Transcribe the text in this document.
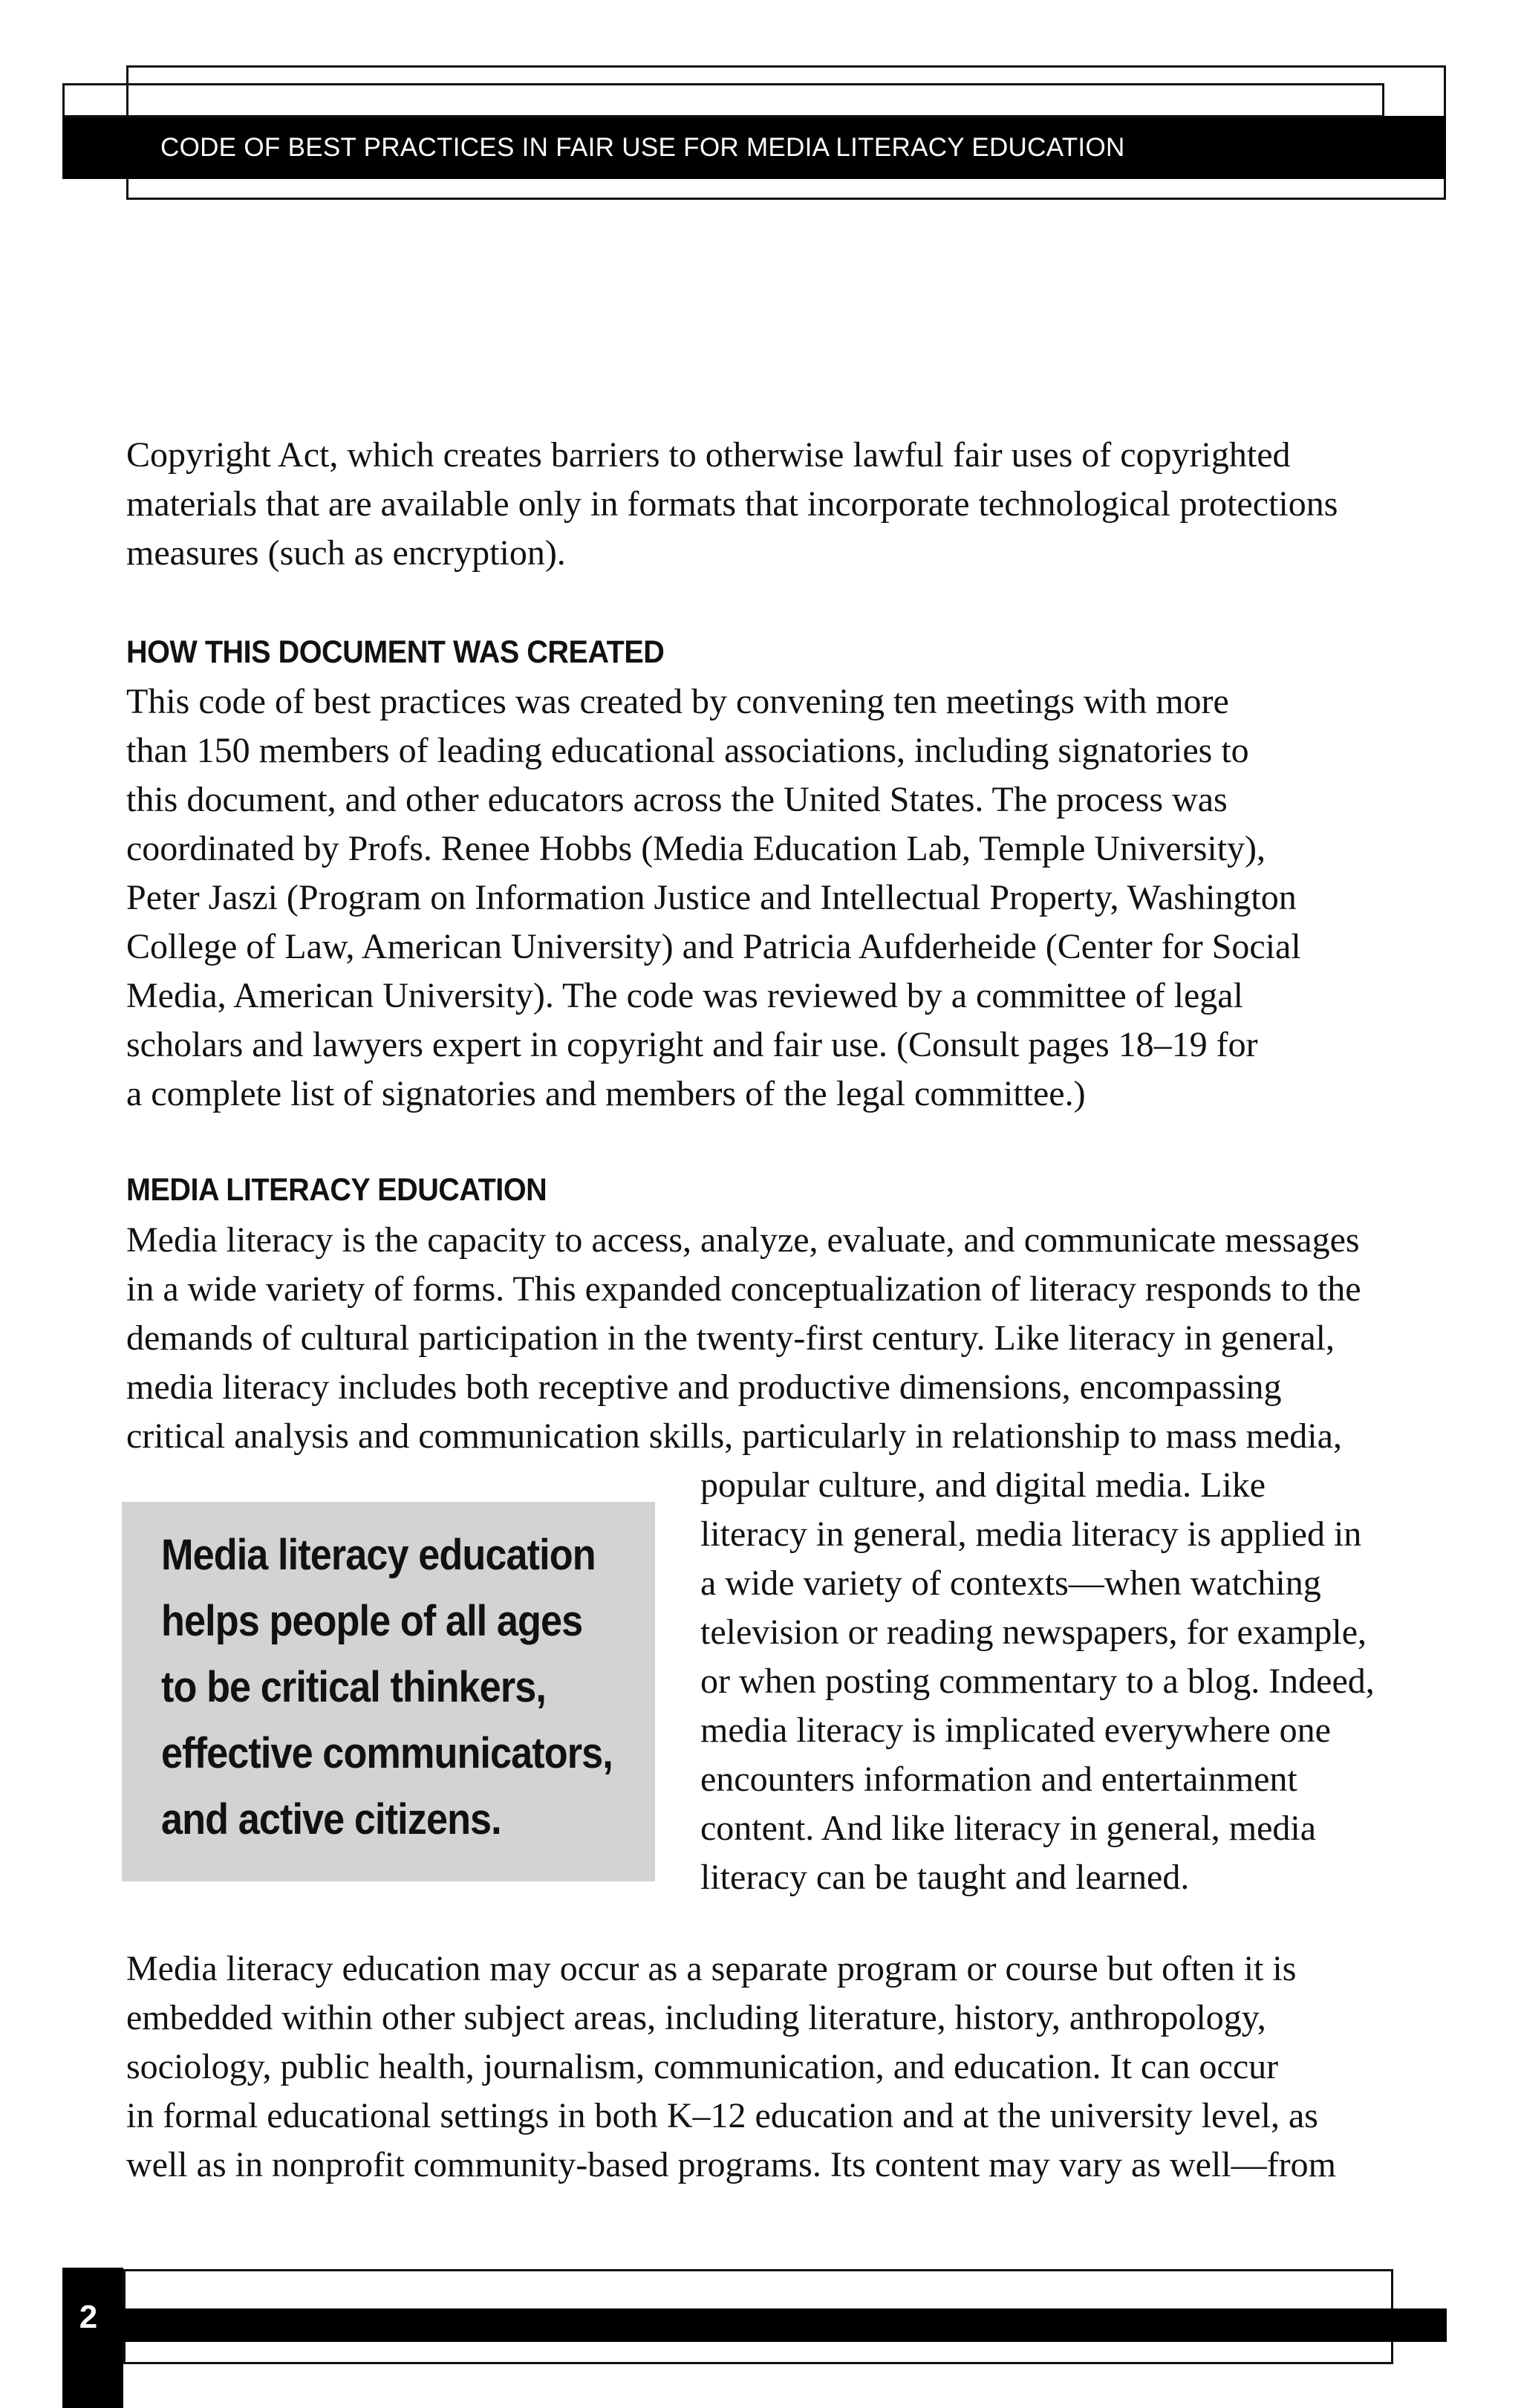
CODE OF BEST PRACTICES IN FAIR USE FOR MEDIA LITERACY EDUCATION
Copyright Act, which creates barriers to otherwise lawful fair uses of copyrighted
materials that are available only in formats that incorporate technological protections
measures (such as encryption).
HOW THIS DOCUMENT WAS CREATED
This code of best practices was created by convening ten meetings with more
than 150 members of leading educational associations, including signatories to
this document, and other educators across the United States. The process was
coordinated by Profs. Renee Hobbs (Media Education Lab, Temple University),
Peter Jaszi (Program on Information Justice and Intellectual Property, Washington
College of Law, American University) and Patricia Aufderheide (Center for Social
Media, American University). The code was reviewed by a committee of legal
scholars and lawyers expert in copyright and fair use. (Consult pages 18–19 for
a complete list of signatories and members of the legal committee.)
MEDIA LITERACY EDUCATION
Media literacy is the capacity to access, analyze, evaluate, and communicate messages
in a wide variety of forms. This expanded conceptualization of literacy responds to the
demands of cultural participation in the twenty-first century. Like literacy in general,
media literacy includes both receptive and productive dimensions, encompassing
critical analysis and communication skills, particularly in relationship to mass media,
popular culture, and digital media. Like
literacy in general, media literacy is applied in
a wide variety of contexts—when watching
television or reading newspapers, for example,
or when posting commentary to a blog. Indeed,
media literacy is implicated everywhere one
encounters information and entertainment
content. And like literacy in general, media
literacy can be taught and learned.
Media literacy education
helps people of all ages
to be critical thinkers,
effective communicators,
and active citizens.
Media literacy education may occur as a separate program or course but often it is
embedded within other subject areas, including literature, history, anthropology,
sociology, public health, journalism, communication, and education. It can occur
in formal educational settings in both K–12 education and at the university level, as
well as in nonprofit community-based programs. Its content may vary as well—from
2
